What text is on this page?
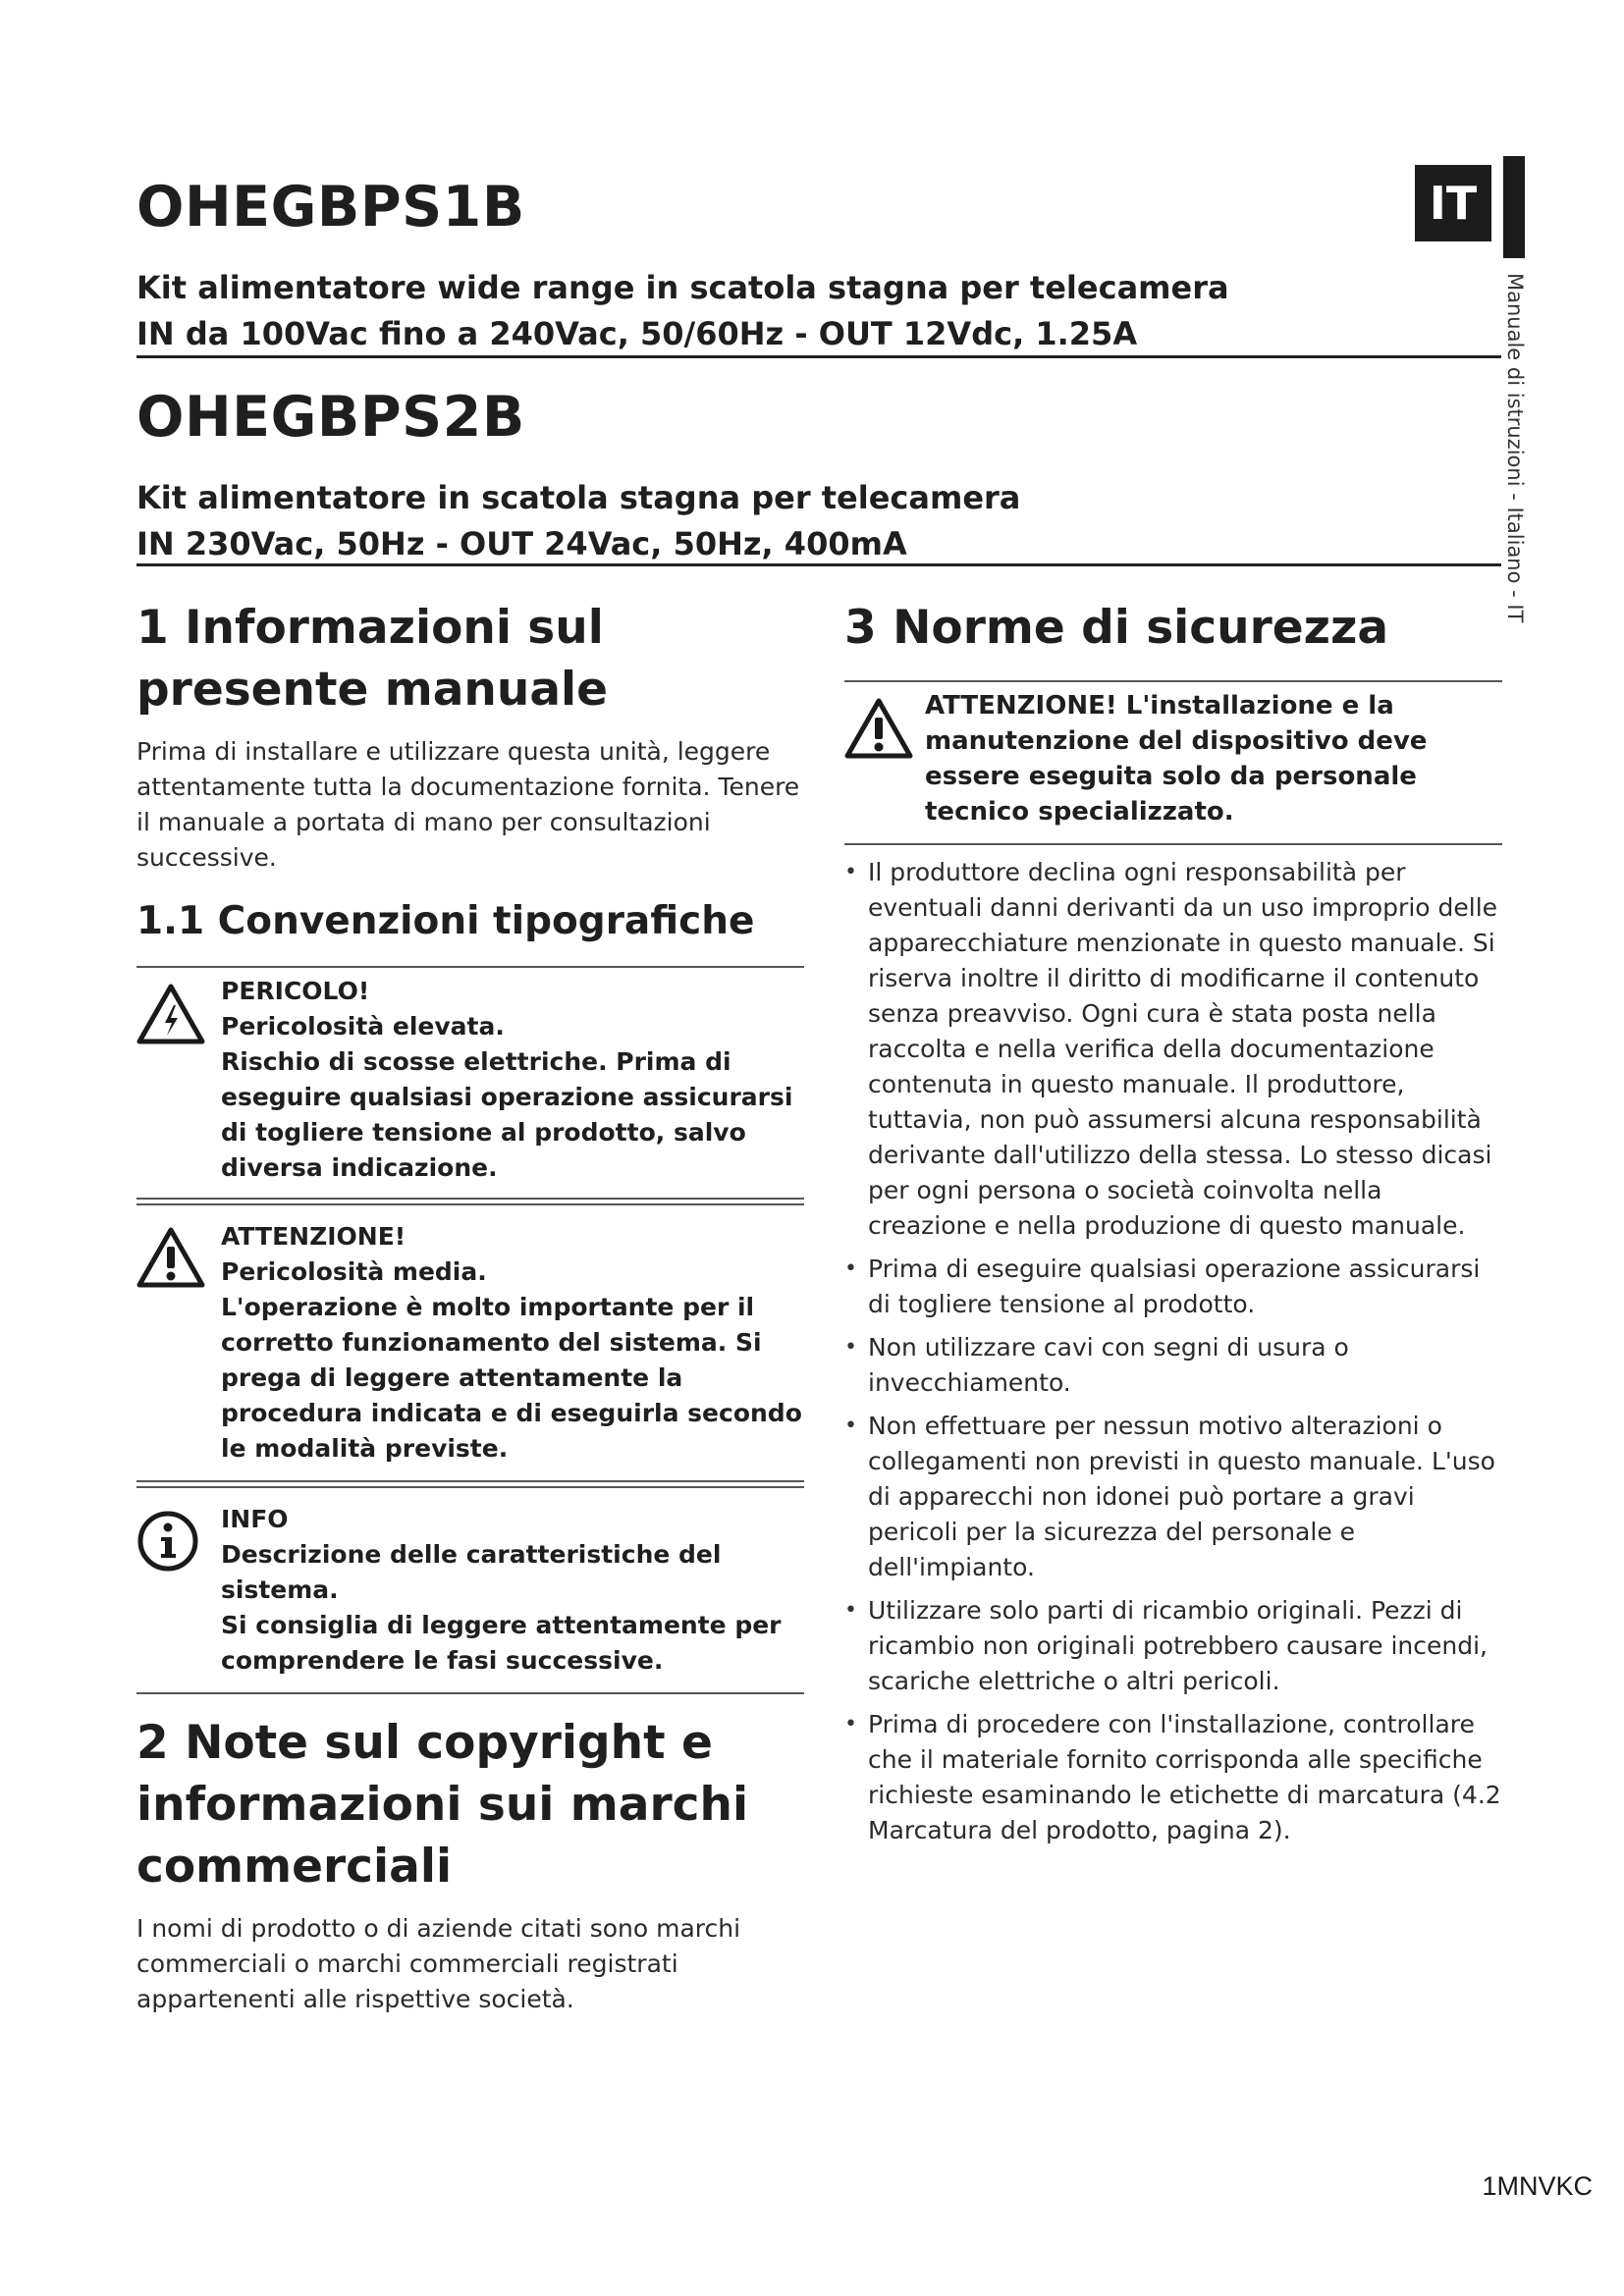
IT
Manuale di istruzioni - Italiano - IT
OHEGBPS1B

Kit alimentatore wide range in scatola stagna per telecamera

IN da 100Vac fino a 240Vac, 50/60Hz - OUT 12Vdc, 1.25A

OHEGBPS2B

Kit alimentatore in scatola stagna per telecamera

IN 230Vac, 50Hz - OUT 24Vac, 50Hz, 400mA

1 Informazioni sul presente manuale

Prima di installare e utilizzare questa unità, leggere attentamente tutta la documentazione fornita. Tenere il manuale a portata di mano per consultazioni successive.

1.1 Convenzioni tipografiche

PERICOLO!

Pericolosità elevata.
Rischio di scosse elettriche. Prima di eseguire qualsiasi operazione assicurarsi di togliere tensione al prodotto, salvo diversa indicazione.

ATTENZIONE!

Pericolosità media.
L'operazione è molto importante per il corretto funzionamento del sistema. Si prega di leggere attentamente la procedura indicata e di eseguirla secondo le modalità previste.

INFO

Descrizione delle caratteristiche del sistema.
Si consiglia di leggere attentamente per comprendere le fasi successive.

2 Note sul copyright e informazioni sui marchi commerciali

I nomi di prodotto o di aziende citati sono marchi commerciali o marchi commerciali registrati appartenenti alle rispettive società.

3 Norme di sicurezza

ATTENZIONE! L'installazione e la manutenzione del dispositivo deve essere eseguita solo da personale tecnico specializzato.

• Il produttore declina ogni responsabilità per eventuali danni derivanti da un uso improprio delle apparecchiature menzionate in questo manuale. Si riserva inoltre il diritto di modificarne il contenuto senza preavviso. Ogni cura è stata posta nella raccolta e nella verifica della documentazione contenuta in questo manuale. Il produttore, tuttavia, non può assumersi alcuna responsabilità derivante dall'utilizzo della stessa. Lo stesso dicasi per ogni persona o società coinvolta nella creazione e nella produzione di questo manuale.
• Prima di eseguire qualsiasi operazione assicurarsi di togliere tensione al prodotto.
• Non utilizzare cavi con segni di usura o invecchiamento.
• Non effettuare per nessun motivo alterazioni o collegamenti non previsti in questo manuale. L'uso di apparecchi non idonei può portare a gravi pericoli per la sicurezza del personale e dell'impianto.
• Utilizzare solo parti di ricambio originali. Pezzi di ricambio non originali potrebbero causare incendi, scariche elettriche o altri pericoli.
• Prima di procedere con l'installazione, controllare che il materiale fornito corrisponda alle specifiche richieste esaminando le etichette di marcatura (4.2 Marcatura del prodotto, pagina 2).
1MNVKC
